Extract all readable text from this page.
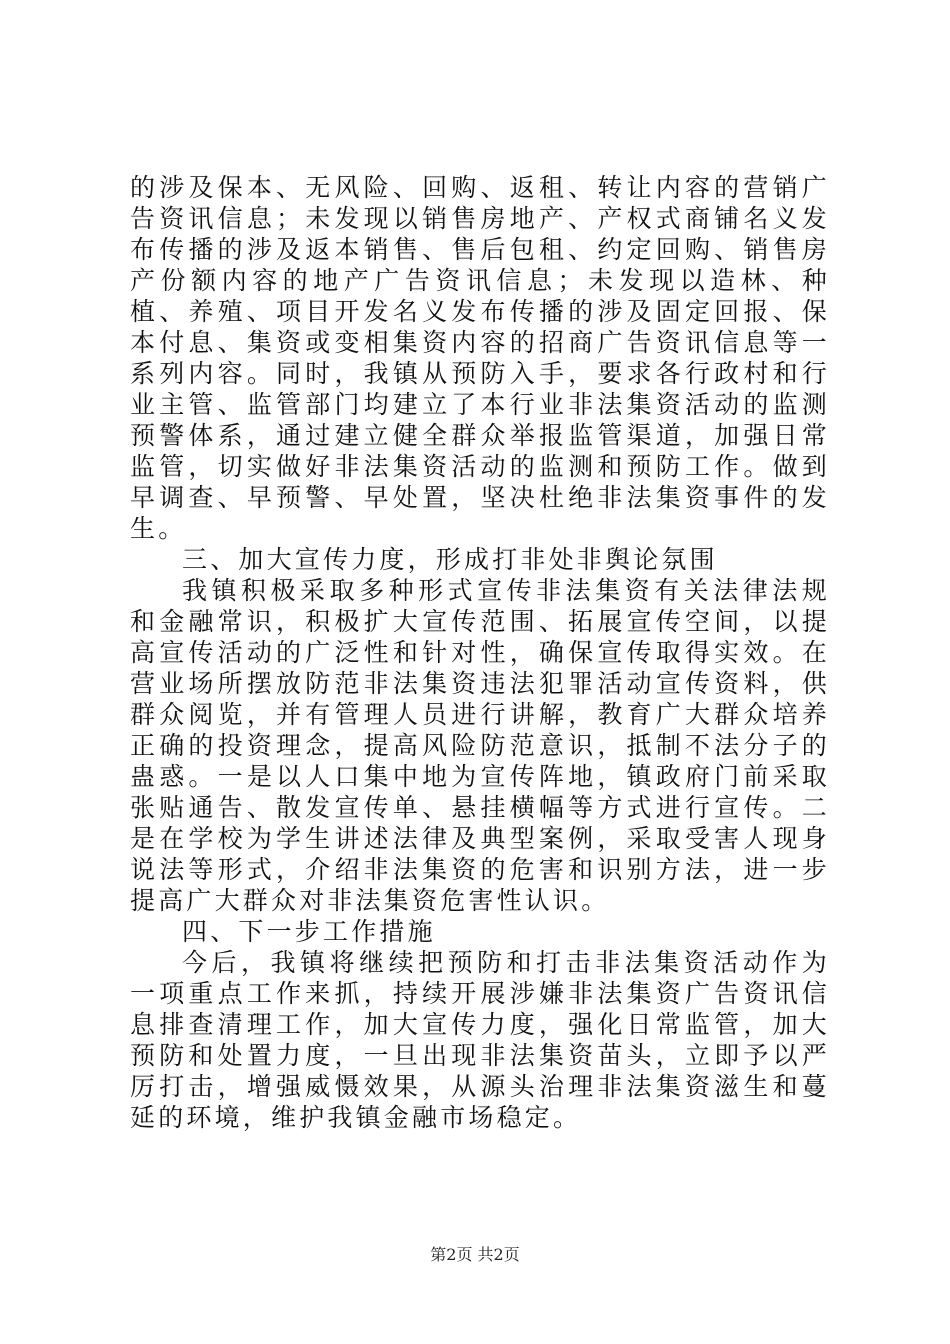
的涉及保本、无风险、回购、返租、转让内容的营销广告资讯信息；未发现以销售房地产、产权式商铺名义发布传播的涉及返本销售、售后包租、约定回购、销售房产份额内容的地产广告资讯信息；未发现以造林、种植、养殖、项目开发名义发布传播的涉及固定回报、保本付息、集资或变相集资内容的招商广告资讯信息等一系列内容。同时，我镇从预防入手，要求各行政村和行业主管、监管部门均建立了本行业非法集资活动的监测预警体系，通过建立健全群众举报监管渠道，加强日常监管，切实做好非法集资活动的监测和预防工作。做到早调查、早预警、早处置，坚决杜绝非法集资事件的发生。

三、加大宣传力度，形成打非处非舆论氛围

我镇积极采取多种形式宣传非法集资有关法律法规和金融常识，积极扩大宣传范围、拓展宣传空间，以提高宣传活动的广泛性和针对性，确保宣传取得实效。在营业场所摆放防范非法集资违法犯罪活动宣传资料，供群众阅览，并有管理人员进行讲解，教育广大群众培养正确的投资理念，提高风险防范意识，抵制不法分子的蛊惑。一是以人口集中地为宣传阵地，镇政府门前采取张贴通告、散发宣传单、悬挂横幅等方式进行宣传。二是在学校为学生讲述法律及典型案例，采取受害人现身说法等形式，介绍非法集资的危害和识别方法，进一步提高广大群众对非法集资危害性认识。

四、下一步工作措施

今后，我镇将继续把预防和打击非法集资活动作为一项重点工作来抓，持续开展涉嫌非法集资广告资讯信息排查清理工作，加大宣传力度，强化日常监管，加大预防和处置力度，一旦出现非法集资苗头，立即予以严厉打击，增强威慑效果，从源头治理非法集资滋生和蔓延的环境，维护我镇金融市场稳定。

第2页 共2页
